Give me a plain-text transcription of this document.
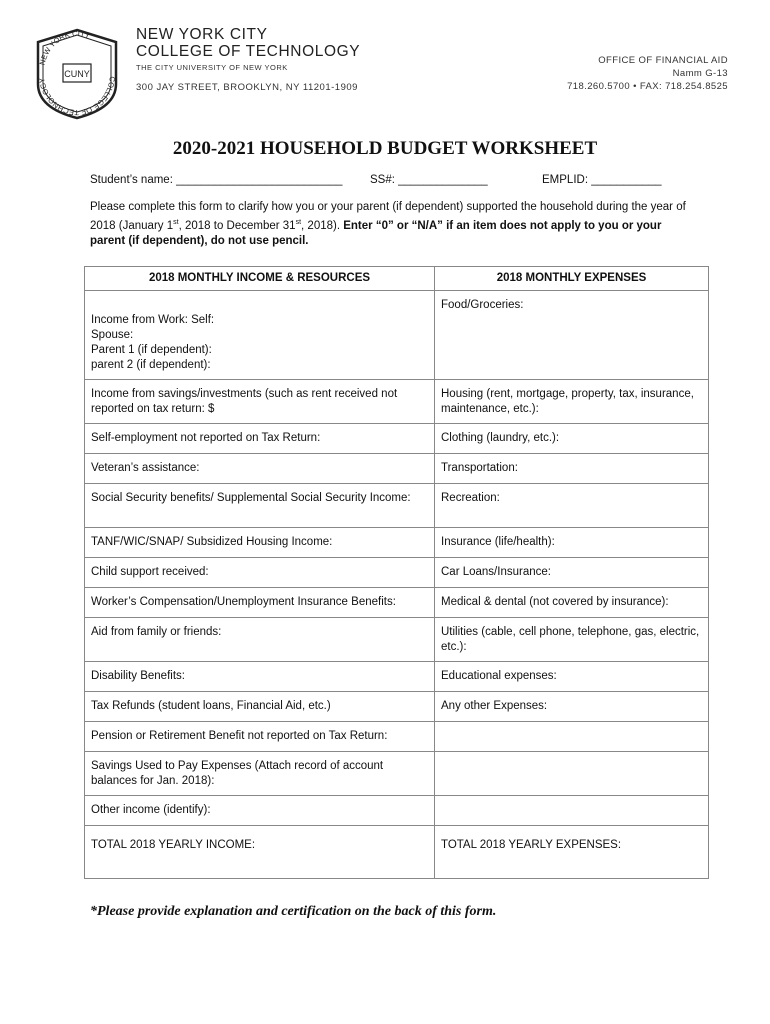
NEW YORK CITY
COLLEGE OF TECHNOLOGY
CUNY
NEW YORK CITY
COLLEGE OF TECHNOLOGY
THE CITY UNIVERSITY OF NEW YORK
300 JAY STREET, BROOKLYN, NY 11201-1909
OFFICE OF FINANCIAL AID
Namm G-13
718.260.5700 • FAX: 718.254.8525
2020-2021 HOUSEHOLD BUDGET WORKSHEET
Student’s name: __________________________ SS#: ______________	EMPLID: ___________
Please complete this form to clarify how you or your parent (if dependent) supported the household during the year of 2018 (January 1st, 2018 to December 31st, 2018). Enter “0” or “N/A” if an item does not apply to you or your parent (if dependent), do not use pencil.
2018 MONTHLY INCOME & RESOURCES	2018 MONTHLY EXPENSES

Income from Work: Self:
Spouse:
Parent 1 (if dependent):
parent 2 (if dependent):	Food/Groceries:
Income from savings/investments (such as rent received not reported on tax return: $	Housing (rent, mortgage, property, tax, insurance, maintenance, etc.):
Self-employment not reported on Tax Return:	Clothing (laundry, etc.):
Veteran’s assistance:	Transportation:
Social Security benefits/ Supplemental Social Security Income:	Recreation:
TANF/WIC/SNAP/ Subsidized Housing Income:	Insurance (life/health):
Child support received:	Car Loans/Insurance:
Worker’s Compensation/Unemployment Insurance Benefits:	Medical & dental (not covered by insurance):
Aid from family or friends:	Utilities (cable, cell phone, telephone, gas, electric, etc.):
Disability Benefits:	Educational expenses:
Tax Refunds (student loans, Financial Aid, etc.)	Any other Expenses:
Pension or Retirement Benefit not reported on Tax Return:	
Savings Used to Pay Expenses (Attach record of account balances for Jan. 2018):	
Other income (identify):	
TOTAL 2018 YEARLY INCOME:	TOTAL 2018 YEARLY EXPENSES:
*Please provide explanation and certification on the back of this form.
